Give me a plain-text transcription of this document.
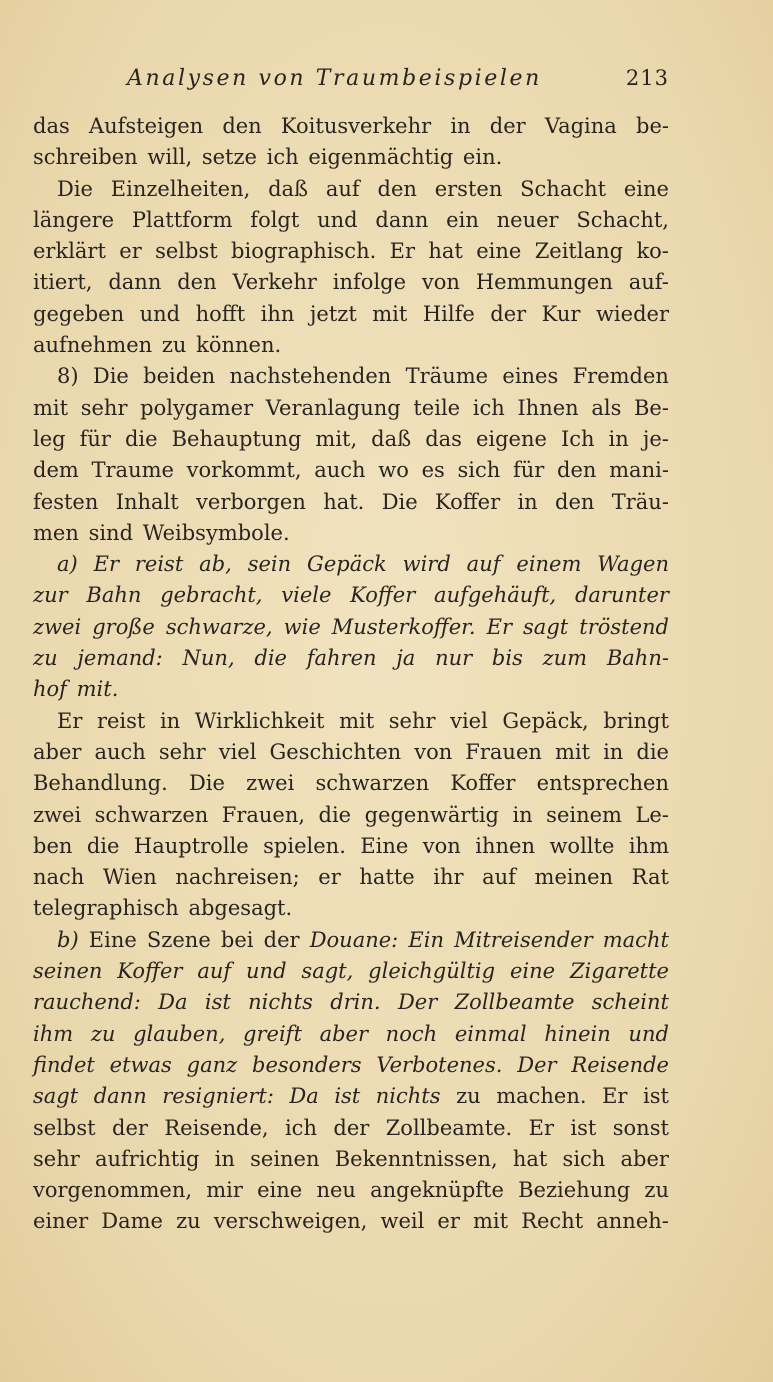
Analysen von Traumbeispielen	213
das Aufsteigen den Koitusverkehr in der Vagina be-
schreiben
will,
setze
ich
eigenmächtig
ein.
Die Einzelheiten, daß auf den ersten Schacht eine
längere Plattform folgt und dann ein neuer Schacht,
erklärt er selbst biographisch. Er hat eine Zeitlang ko-
itiert, dann den Verkehr infolge von Hemmungen auf-
gegeben und hofft ihn jetzt mit Hilfe der Kur wieder
aufnehmen
zu
können.
8) Die beiden nachstehenden Träume eines Fremden
mit sehr polygamer Veranlagung teile ich Ihnen als Be-
leg für die Behauptung mit, daß das eigene Ich in je-
dem Traume vorkommt, auch wo es sich für den mani-
festen Inhalt verborgen hat. Die Koffer in den Träu-
men
sind
Weibsymbole.
a) Er reist ab, sein Gepäck wird auf einem Wagen
zur Bahn gebracht, viele Koffer aufgehäuft, darunter
zwei große schwarze, wie Musterkoffer. Er sagt tröstend
zu jemand: Nun, die fahren ja nur bis zum Bahn-
hof
mit.
Er reist in Wirklichkeit mit sehr viel Gepäck, bringt
aber auch sehr viel Geschichten von Frauen mit in die
Behandlung. Die zwei schwarzen Koffer entsprechen
zwei schwarzen Frauen, die gegenwärtig in seinem Le-
ben die Hauptrolle spielen. Eine von ihnen wollte ihm
nach Wien nachreisen; er hatte ihr auf meinen Rat
telegraphisch
abgesagt.
b) Eine Szene bei der Douane: Ein Mitreisender macht
seinen Koffer auf und sagt, gleichgültig eine Zigarette
rauchend: Da ist nichts drin. Der Zollbeamte scheint
ihm zu glauben, greift aber noch einmal hinein und
findet etwas ganz besonders Verbotenes. Der Reisende
sagt dann resigniert: Da ist nichts zu machen. Er ist
selbst der Reisende, ich der Zollbeamte. Er ist sonst
sehr aufrichtig in seinen Bekenntnissen, hat sich aber
vorgenommen, mir eine neu angeknüpfte Beziehung zu
einer Dame zu verschweigen, weil er mit Recht anneh-
